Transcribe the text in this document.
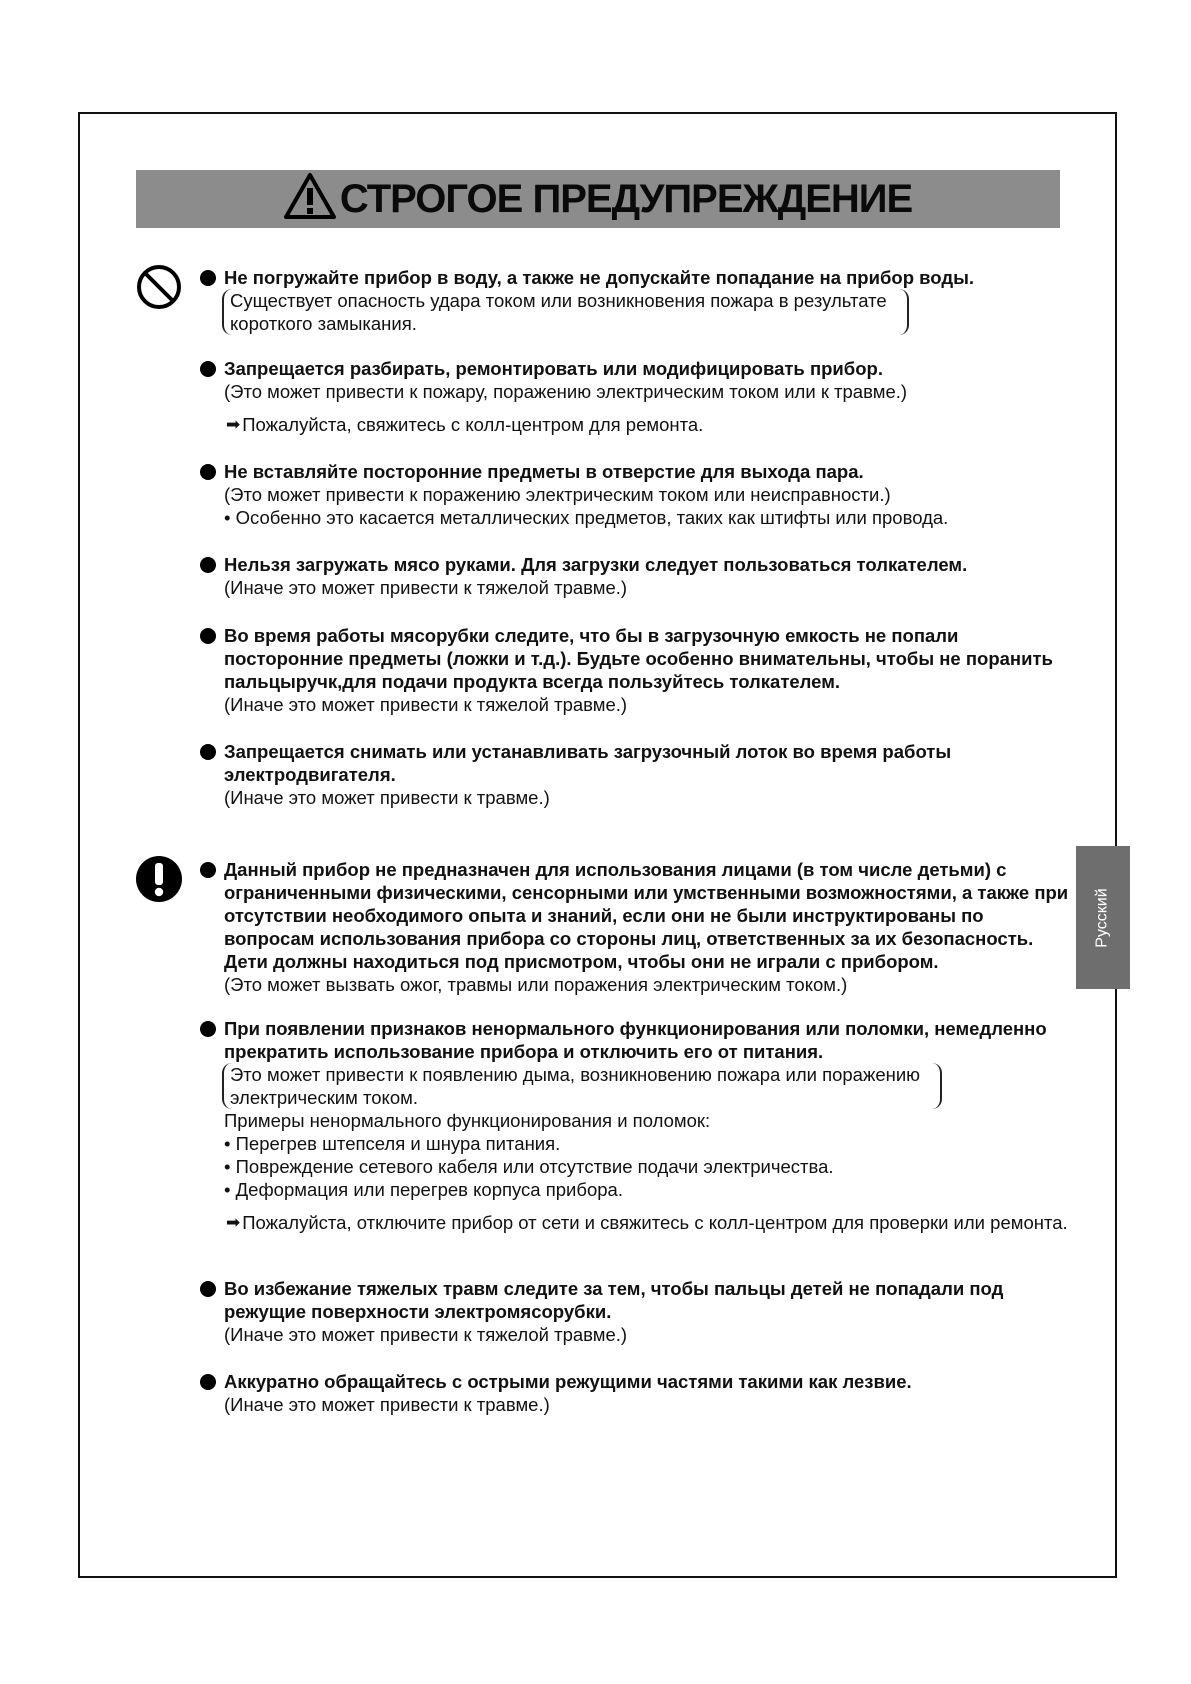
СТРОГОЕ ПРЕДУПРЕЖДЕНИЕ
Не погружайте прибор в воду, а также не допускайте попадание на прибор воды.
Существует опасность удара током или возникновения пожара в результате
короткого замыкания.
Запрещается разбирать, ремонтировать или модифицировать прибор.
(Это может привести к пожару, поражению электрическим током или к травме.)
➡ Пожалуйста, свяжитесь с колл-центром для ремонта.
Не вставляйте посторонние предметы в отверстие для выхода пара.
(Это может привести к поражению электрическим током или неисправности.)
• Особенно это касается металлических предметов, таких как штифты или провода.
Нельзя загружать мясо руками. Для загрузки следует пользоваться толкателем.
(Иначе это может привести к тяжелой травме.)
Во время работы мясорубки следите, что бы в загрузочную емкость не попали посторонние предметы (ложки и т.д.). Будьте особенно внимательны, чтобы не поранить пальцыручк,для подачи продукта всегда пользуйтесь толкателем.
(Иначе это может привести к тяжелой травме.)
Запрещается снимать или устанавливать загрузочный лоток во время работы электродвигателя.
(Иначе это может привести к травме.)
Данный прибор не предназначен для использования лицами (в том числе детьми) с ограниченными физическими, сенсорными или умственными возможностями, а также при отсутствии необходимого опыта и знаний, если они не были инструктированы по вопросам использования прибора со стороны лиц, ответственных за их безопасность. Дети должны находиться под присмотром, чтобы они не играли с прибором.
(Это может вызвать ожог, травмы или поражения электрическим током.)
При появлении признаков ненормального функционирования или поломки, немедленно прекратить использование прибора и отключить его от питания.
Это может привести к появлению дыма, возникновению пожара или поражению
электрическим током.
Примеры ненормального функционирования и поломок:
• Перегрев штепселя и шнура питания.
• Повреждение сетевого кабеля или отсутствие подачи электричества.
• Деформация или перегрев корпуса прибора.
➡ Пожалуйста, отключите прибор от сети и свяжитесь с колл-центром для проверки или ремонта.
Во избежание тяжелых травм следите за тем, чтобы пальцы детей не попадали под режущие поверхности электромясорубки.
(Иначе это может привести к тяжелой травме.)
Аккуратно обращайтесь с острыми режущими частями такими как лезвие.
(Иначе это может привести к травме.)
Русский
